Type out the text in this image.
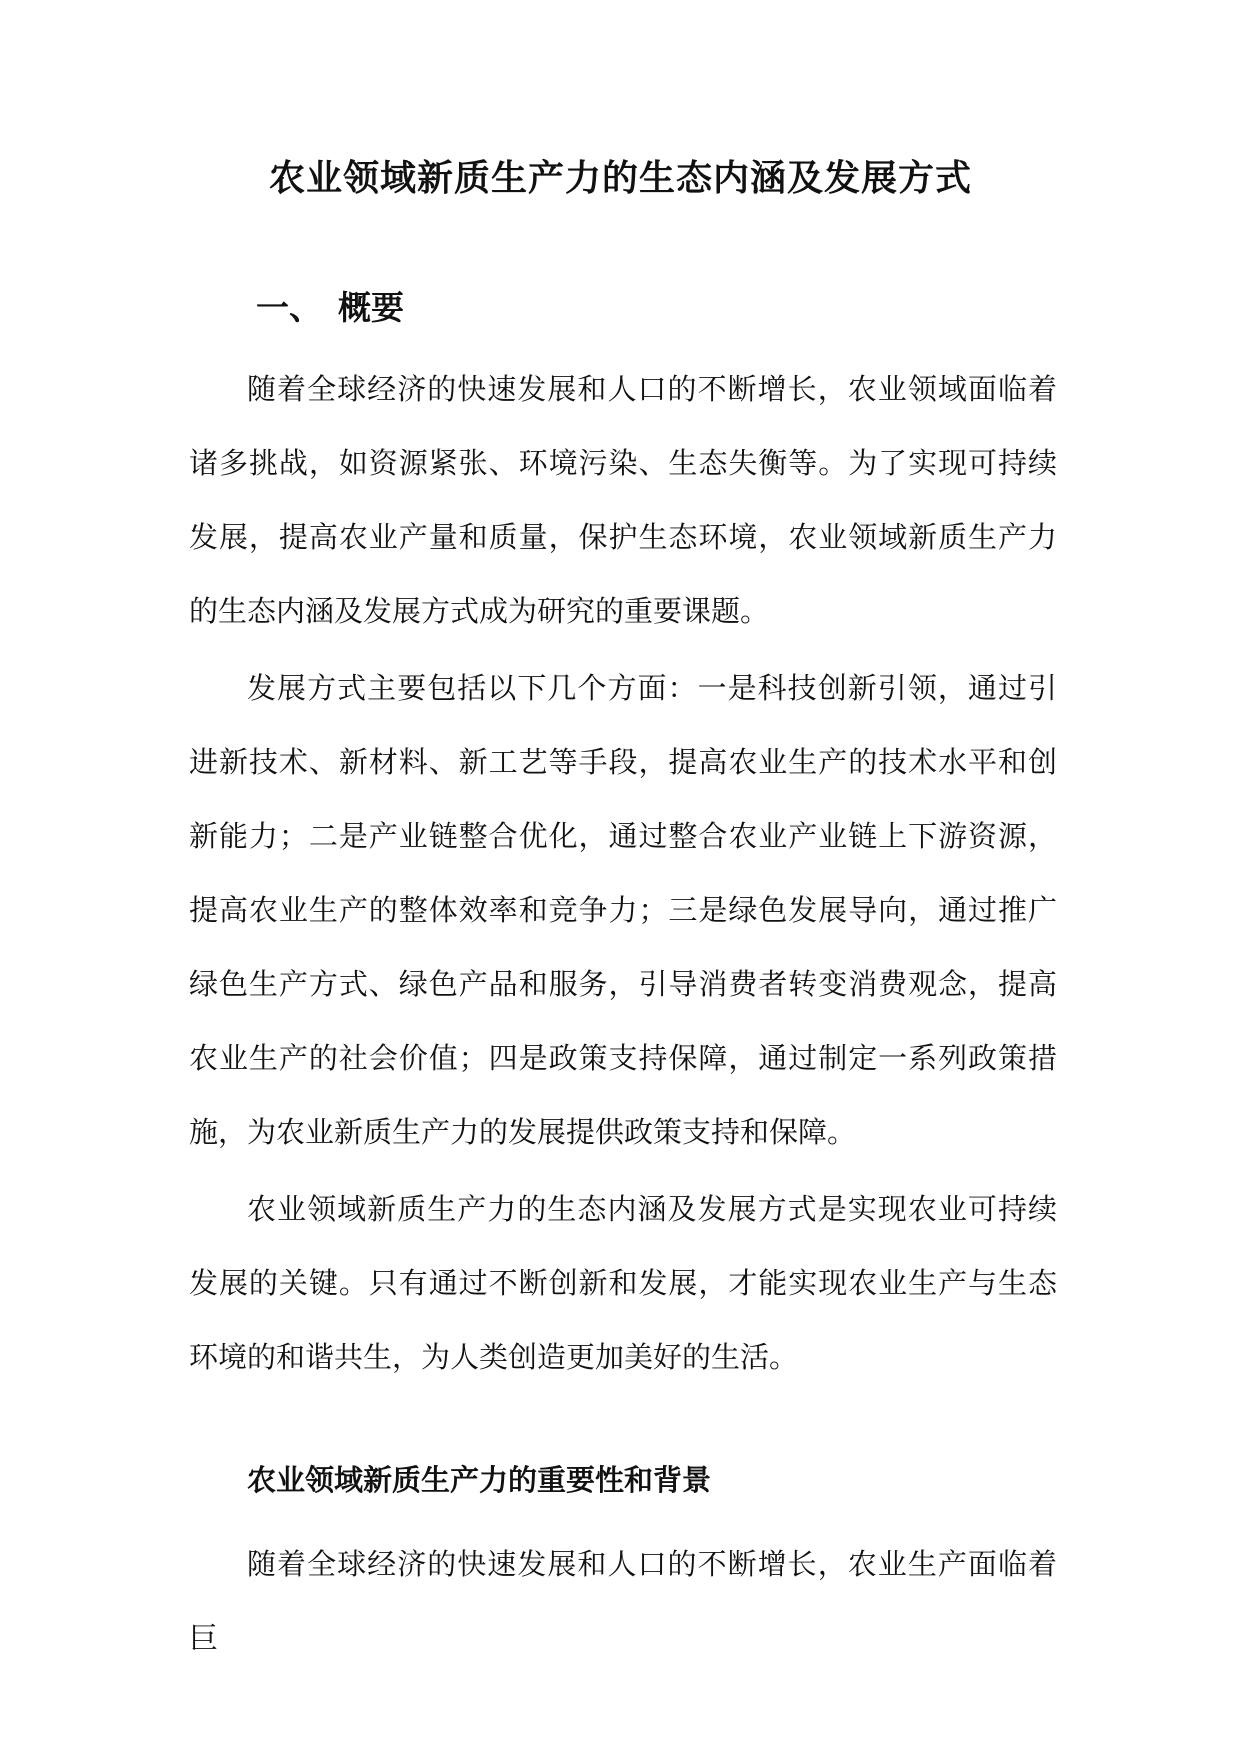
农业领域新质生产力的生态内涵及发展方式
一、 概要

随着全球经济的快速发展和人口的不断增长，农业领域面临着诸多挑战，如资源紧张、环境污染、生态失衡等。为了实现可持续发展，提高农业产量和质量，保护生态环境，农业领域新质生产力的生态内涵及发展方式成为研究的重要课题。

发展方式主要包括以下几个方面：一是科技创新引领，通过引进新技术、新材料、新工艺等手段，提高农业生产的技术水平和创新能力；二是产业链整合优化，通过整合农业产业链上下游资源，提高农业生产的整体效率和竞争力；三是绿色发展导向，通过推广绿色生产方式、绿色产品和服务，引导消费者转变消费观念，提高农业生产的社会价值；四是政策支持保障，通过制定一系列政策措施，为农业新质生产力的发展提供政策支持和保障。

农业领域新质生产力的生态内涵及发展方式是实现农业可持续发展的关键。只有通过不断创新和发展，才能实现农业生产与生态环境的和谐共生，为人类创造更加美好的生活。

农业领域新质生产力的重要性和背景

随着全球经济的快速发展和人口的不断增长，农业生产面临着巨
